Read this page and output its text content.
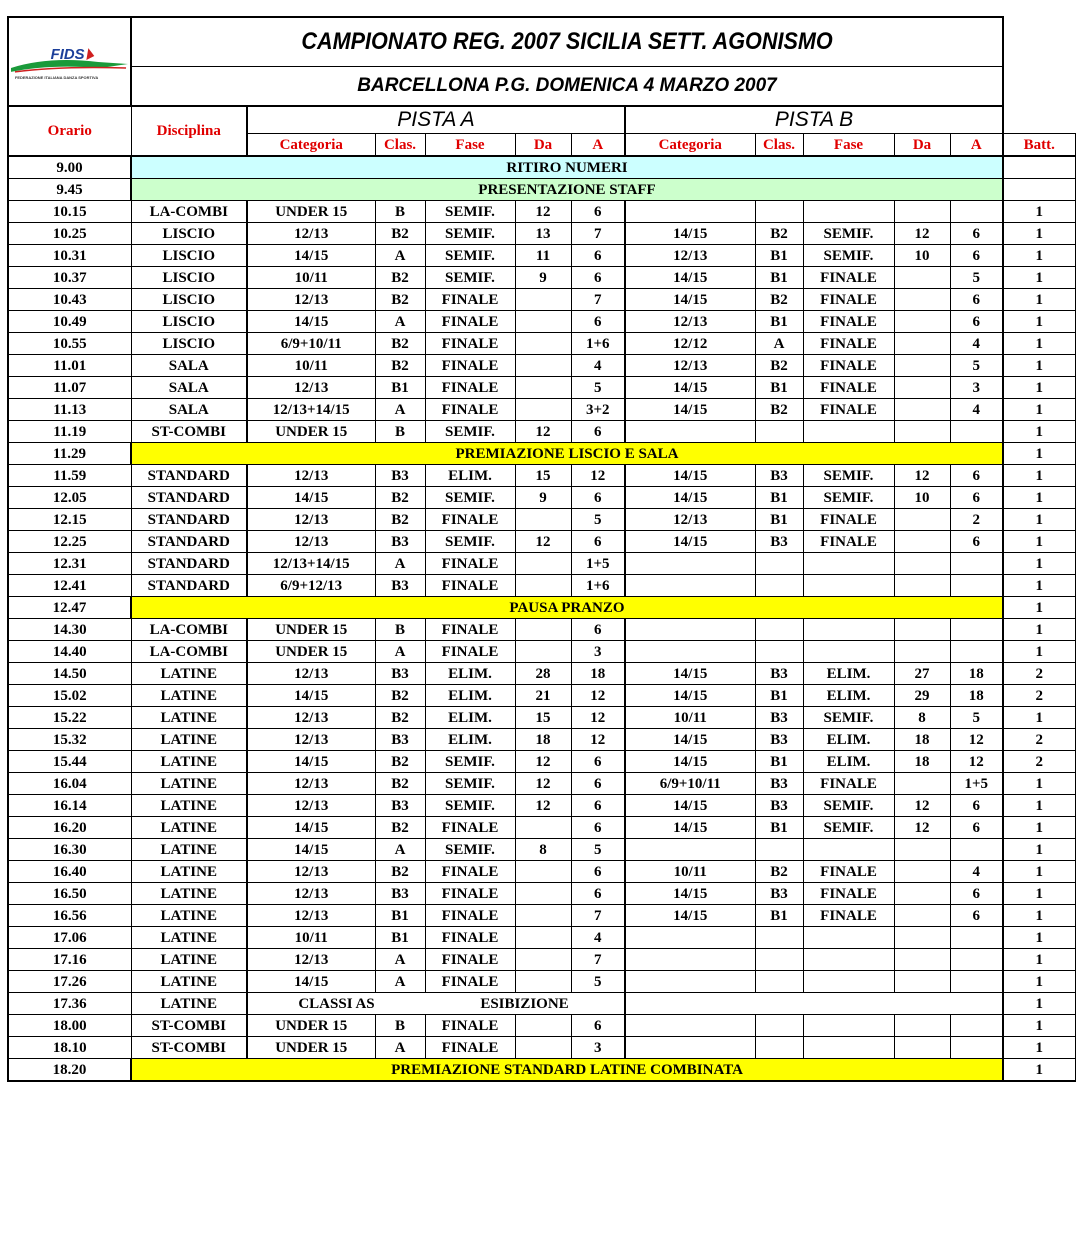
FIDS
FEDERAZIONE ITALIANA DANZA SPORTIVA	CAMPIONATO REG. 2007 SICILIA SETT. AGONISMO											
	BARCELLONA P.G. DOMENICA 4 MARZO 2007											
Orario	Disciplina	PISTA A					PISTA B					
		Categoria	Clas.	Fase	Da	A	Categoria	Clas.	Fase	Da	A	Batt.
9.00	RITIRO NUMERI											
9.45	PRESENTAZIONE STAFF											
10.15	LA-COMBI	UNDER 15	B	SEMIF.	12	6						1
10.25	LISCIO	12/13	B2	SEMIF.	13	7	14/15	B2	SEMIF.	12	6	1
10.31	LISCIO	14/15	A	SEMIF.	11	6	12/13	B1	SEMIF.	10	6	1
10.37	LISCIO	10/11	B2	SEMIF.	9	6	14/15	B1	FINALE		5	1
10.43	LISCIO	12/13	B2	FINALE		7	14/15	B2	FINALE		6	1
10.49	LISCIO	14/15	A	FINALE		6	12/13	B1	FINALE		6	1
10.55	LISCIO	6/9+10/11	B2	FINALE		1+6	12/12	A	FINALE		4	1
11.01	SALA	10/11	B2	FINALE		4	12/13	B2	FINALE		5	1
11.07	SALA	12/13	B1	FINALE		5	14/15	B1	FINALE		3	1
11.13	SALA	12/13+14/15	A	FINALE		3+2	14/15	B2	FINALE		4	1
11.19	ST-COMBI	UNDER 15	B	SEMIF.	12	6						1
11.29	PREMIAZIONE LISCIO E SALA											1
11.59	STANDARD	12/13	B3	ELIM.	15	12	14/15	B3	SEMIF.	12	6	1
12.05	STANDARD	14/15	B2	SEMIF.	9	6	14/15	B1	SEMIF.	10	6	1
12.15	STANDARD	12/13	B2	FINALE		5	12/13	B1	FINALE		2	1
12.25	STANDARD	12/13	B3	SEMIF.	12	6	14/15	B3	FINALE		6	1
12.31	STANDARD	12/13+14/15	A	FINALE		1+5						1
12.41	STANDARD	6/9+12/13	B3	FINALE		1+6						1
12.47	PAUSA PRANZO											1
14.30	LA-COMBI	UNDER 15	B	FINALE		6						1
14.40	LA-COMBI	UNDER 15	A	FINALE		3						1
14.50	LATINE	12/13	B3	ELIM.	28	18	14/15	B3	ELIM.	27	18	2
15.02	LATINE	14/15	B2	ELIM.	21	12	14/15	B1	ELIM.	29	18	2
15.22	LATINE	12/13	B2	ELIM.	15	12	10/11	B3	SEMIF.	8	5	1
15.32	LATINE	12/13	B3	ELIM.	18	12	14/15	B3	ELIM.	18	12	2
15.44	LATINE	14/15	B2	SEMIF.	12	6	14/15	B1	ELIM.	18	12	2
16.04	LATINE	12/13	B2	SEMIF.	12	6	6/9+10/11	B3	FINALE		1+5	1
16.14	LATINE	12/13	B3	SEMIF.	12	6	14/15	B3	SEMIF.	12	6	1
16.20	LATINE	14/15	B2	FINALE		6	14/15	B1	SEMIF.	12	6	1
16.30	LATINE	14/15	A	SEMIF.	8	5						1
16.40	LATINE	12/13	B2	FINALE		6	10/11	B2	FINALE		4	1
16.50	LATINE	12/13	B3	FINALE		6	14/15	B3	FINALE		6	1
16.56	LATINE	12/13	B1	FINALE		7	14/15	B1	FINALE		6	1
17.06	LATINE	10/11	B1	FINALE		4						1
17.16	LATINE	12/13	A	FINALE		7						1
17.26	LATINE	14/15	A	FINALE		5						1
17.36	LATINE	CLASSI AS		ESIBIZIONE								1
18.00	ST-COMBI	UNDER 15	B	FINALE		6						1
18.10	ST-COMBI	UNDER 15	A	FINALE		3						1
18.20	PREMIAZIONE STANDARD LATINE COMBINATA											1
